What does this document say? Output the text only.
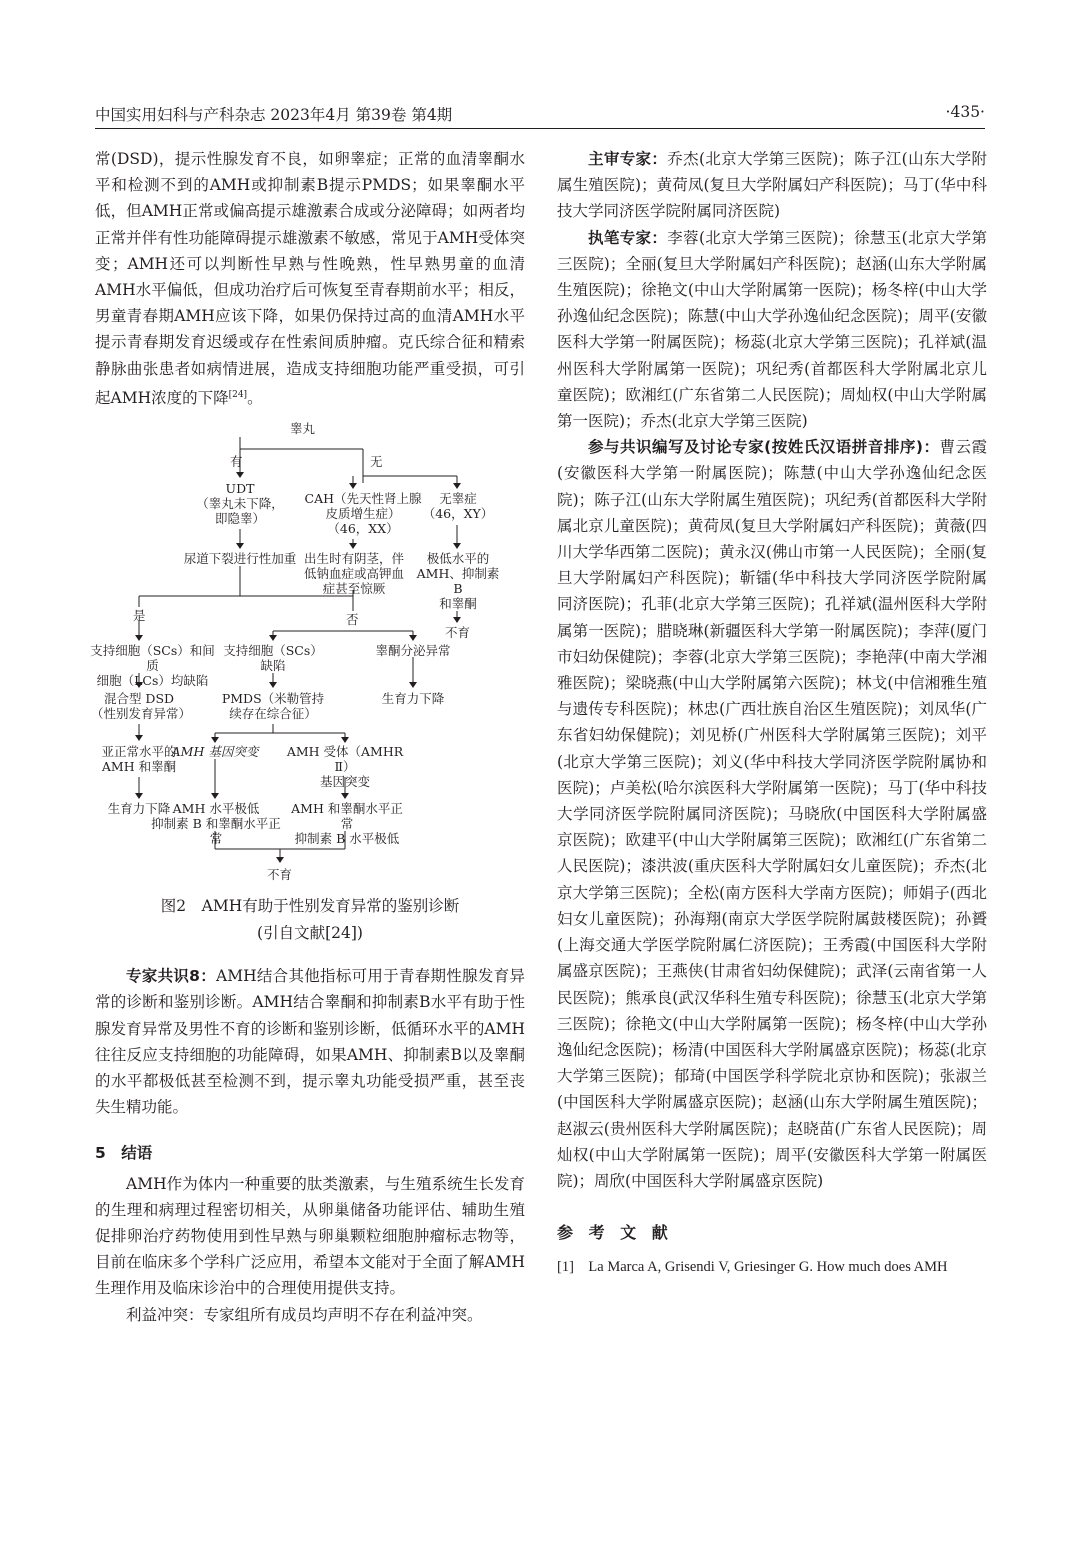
中国实用妇科与产科杂志 2023年4月 第39卷 第4期	·435·

常(DSD)，提示性腺发育不良，如卵睾症；正常的血清睾酮水平和检测不到的AMH或抑制素B提示PMDS；如果睾酮水平低，但AMH正常或偏高提示雄激素合成或分泌障碍；如两者均正常并伴有性功能障碍提示雄激素不敏感，常见于AMH受体突变；AMH还可以判断性早熟与性晚熟，性早熟男童的血清AMH水平偏低，但成功治疗后可恢复至青春期前水平；相反，男童青春期AMH应该下降，如果仍保持过高的血清AMH水平提示青春期发育迟缓或存在性索间质肿瘤。克氏综合征和精索静脉曲张患者如病情进展，造成支持细胞功能严重受损，可引起AMH浓度的下降[24]。

睾丸
有	无
UDT
（睾丸未下降，
即隐睾）
CAH（先天性肾上腺
皮质增生症）
（46，XX）
无睾症
（46，XY）
尿道下裂进行性加重 出生时有阴茎，伴
低钠血症或高钾血
症甚至惊厥
极低水平的
AMH、抑制素 B
和睾酮
是	否
不育
支持细胞（SCs）和间质
细胞（LCs）均缺陷
支持细胞（SCs）
缺陷
睾酮分泌异常
混合型 DSD
（性别发育异常）
PMDS（米勒管持
续存在综合征）
生育力下降
亚正常水平的
AMH 和睾酮
AMH 基因突变	AMH 受体（AMHR Ⅱ）
基因突变
生育力下降 AMH 水平极低
抑制素 B 和睾酮水平正常
AMH 和睾酮水平正常
抑制素 B 水平极低
不育
图2　AMH有助于性别发育异常的鉴别诊断
(引自文献[24])

专家共识8：AMH结合其他指标可用于青春期性腺发育异常的诊断和鉴别诊断。AMH结合睾酮和抑制素B水平有助于性腺发育异常及男性不育的诊断和鉴别诊断，低循环水平的AMH往往反应支持细胞的功能障碍，如果AMH、抑制素B以及睾酮的水平都极低甚至检测不到，提示睾丸功能受损严重，甚至丧失生精功能。

5　结语

AMH作为体内一种重要的肽类激素，与生殖系统生长发育的生理和病理过程密切相关，从卵巢储备功能评估、辅助生殖促排卵治疗药物使用到性早熟与卵巢颗粒细胞肿瘤标志物等，目前在临床多个学科广泛应用，希望本文能对于全面了解AMH生理作用及临床诊治中的合理使用提供支持。

利益冲突：专家组所有成员均声明不存在利益冲突。

主审专家：乔杰(北京大学第三医院)；陈子江(山东大学附属生殖医院)；黄荷凤(复旦大学附属妇产科医院)；马丁(华中科技大学同济医学院附属同济医院)

执笔专家：李蓉(北京大学第三医院)；徐慧玉(北京大学第三医院)；全丽(复旦大学附属妇产科医院)；赵涵(山东大学附属生殖医院)；徐艳文(中山大学附属第一医院)；杨冬梓(中山大学孙逸仙纪念医院)；陈慧(中山大学孙逸仙纪念医院)；周平(安徽医科大学第一附属医院)；杨蕊(北京大学第三医院)；孔祥斌(温州医科大学附属第一医院)；巩纪秀(首都医科大学附属北京儿童医院)；欧湘红(广东省第二人民医院)；周灿权(中山大学附属第一医院)；乔杰(北京大学第三医院)

参与共识编写及讨论专家(按姓氏汉语拼音排序)：曹云霞(安徽医科大学第一附属医院)；陈慧(中山大学孙逸仙纪念医院)；陈子江(山东大学附属生殖医院)；巩纪秀(首都医科大学附属北京儿童医院)；黄荷凤(复旦大学附属妇产科医院)；黄薇(四川大学华西第二医院)；黄永汉(佛山市第一人民医院)；全丽(复旦大学附属妇产科医院)；靳镭(华中科技大学同济医学院附属同济医院)；孔菲(北京大学第三医院)；孔祥斌(温州医科大学附属第一医院)；腊晓琳(新疆医科大学第一附属医院)；李萍(厦门市妇幼保健院)；李蓉(北京大学第三医院)；李艳萍(中南大学湘雅医院)；梁晓燕(中山大学附属第六医院)；林戈(中信湘雅生殖与遗传专科医院)；林忠(广西壮族自治区生殖医院)；刘凤华(广东省妇幼保健院)；刘见桥(广州医科大学附属第三医院)；刘平(北京大学第三医院)；刘义(华中科技大学同济医学院附属协和医院)；卢美松(哈尔滨医科大学附属第一医院)；马丁(华中科技大学同济医学院附属同济医院)；马晓欣(中国医科大学附属盛京医院)；欧建平(中山大学附属第三医院)；欧湘红(广东省第二人民医院)；漆洪波(重庆医科大学附属妇女儿童医院)；乔杰(北京大学第三医院)；全松(南方医科大学南方医院)；师娟子(西北妇女儿童医院)；孙海翔(南京大学医学院附属鼓楼医院)；孙贇(上海交通大学医学院附属仁济医院)；王秀霞(中国医科大学附属盛京医院)；王燕侠(甘肃省妇幼保健院)；武泽(云南省第一人民医院)；熊承良(武汉华科生殖专科医院)；徐慧玉(北京大学第三医院)；徐艳文(中山大学附属第一医院)；杨冬梓(中山大学孙逸仙纪念医院)；杨清(中国医科大学附属盛京医院)；杨蕊(北京大学第三医院)；郁琦(中国医学科学院北京协和医院)；张淑兰(中国医科大学附属盛京医院)；赵涵(山东大学附属生殖医院)；赵淑云(贵州医科大学附属医院)；赵晓苗(广东省人民医院)；周灿权(中山大学附属第一医院)；周平(安徽医科大学第一附属医院)；周欣(中国医科大学附属盛京医院)

参 考 文 献

[1]　La Marca A, Grisendi V, Griesinger G. How much does AMH
